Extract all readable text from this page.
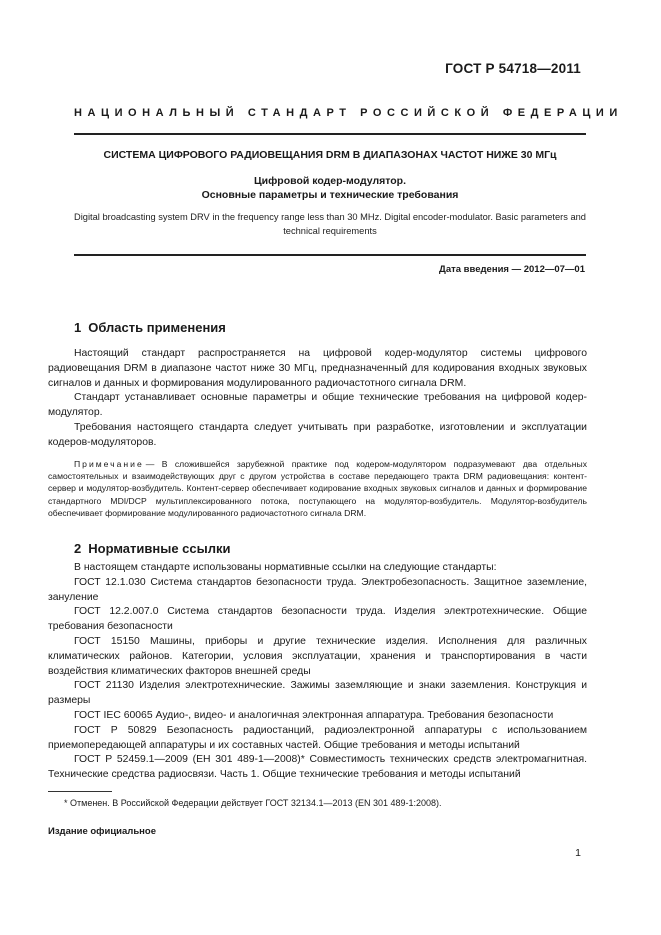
ГОСТ Р 54718—2011
НАЦИОНАЛЬНЫЙ СТАНДАРТ РОССИЙСКОЙ ФЕДЕРАЦИИ
СИСТЕМА ЦИФРОВОГО РАДИОВЕЩАНИЯ DRM В ДИАПАЗОНАХ ЧАСТОТ НИЖЕ 30 МГц
Цифровой кодер-модулятор.
Основные параметры и технические требования
Digital broadcasting system DRV in the frequency range less than 30 MHz. Digital encoder-modulator. Basic parameters and technical requirements
Дата введения — 2012—07—01
1 Область применения

Настоящий стандарт распространяется на цифровой кодер-модулятор системы цифрового радиовещания DRM в диапазоне частот ниже 30 МГц, предназначенный для кодирования входных звуковых сигналов и данных и формирования модулированного радиочастотного сигнала DRM.

Стандарт устанавливает основные параметры и общие технические требования на цифровой кодер-модулятор.

Требования настоящего стандарта следует учитывать при разработке, изготовлении и эксплуатации кодеров-модуляторов.

Примечание — В сложившейся зарубежной практике под кодером-модулятором подразумевают два отдельных самостоятельных и взаимодействующих друг с другом устройства в составе передающего тракта DRM радиовещания: контент-сервер и модулятор-возбудитель. Контент-сервер обеспечивает кодирование входных звуковых сигналов и данных и формирование стандартного MDI/DCP мультиплексированного потока, поступающего на модулятор-возбудитель. Модулятор-возбудитель обеспечивает формирование модулированного радиочастотного сигнала DRM.

2 Нормативные ссылки

В настоящем стандарте использованы нормативные ссылки на следующие стандарты:

ГОСТ 12.1.030 Система стандартов безопасности труда. Электробезопасность. Защитное заземление, зануление

ГОСТ 12.2.007.0 Система стандартов безопасности труда. Изделия электротехнические. Общие требования безопасности

ГОСТ 15150 Машины, приборы и другие технические изделия. Исполнения для различных климатических районов. Категории, условия эксплуатации, хранения и транспортирования в части воздействия климатических факторов внешней среды

ГОСТ 21130 Изделия электротехнические. Зажимы заземляющие и знаки заземления. Конструкция и размеры

ГОСТ IEC 60065 Аудио-, видео- и аналогичная электронная аппаратура. Требования безопасности

ГОСТ Р 50829 Безопасность радиостанций, радиоэлектронной аппаратуры с использованием приемопередающей аппаратуры и их составных частей. Общие требования и методы испытаний

ГОСТ Р 52459.1—2009 (ЕН 301 489-1—2008)* Совместимость технических средств электромагнитная. Технические средства радиосвязи. Часть 1. Общие технические требования и методы испытаний

* Отменен. В Российской Федерации действует ГОСТ 32134.1—2013 (EN 301 489-1:2008).
Издание официальное
1
